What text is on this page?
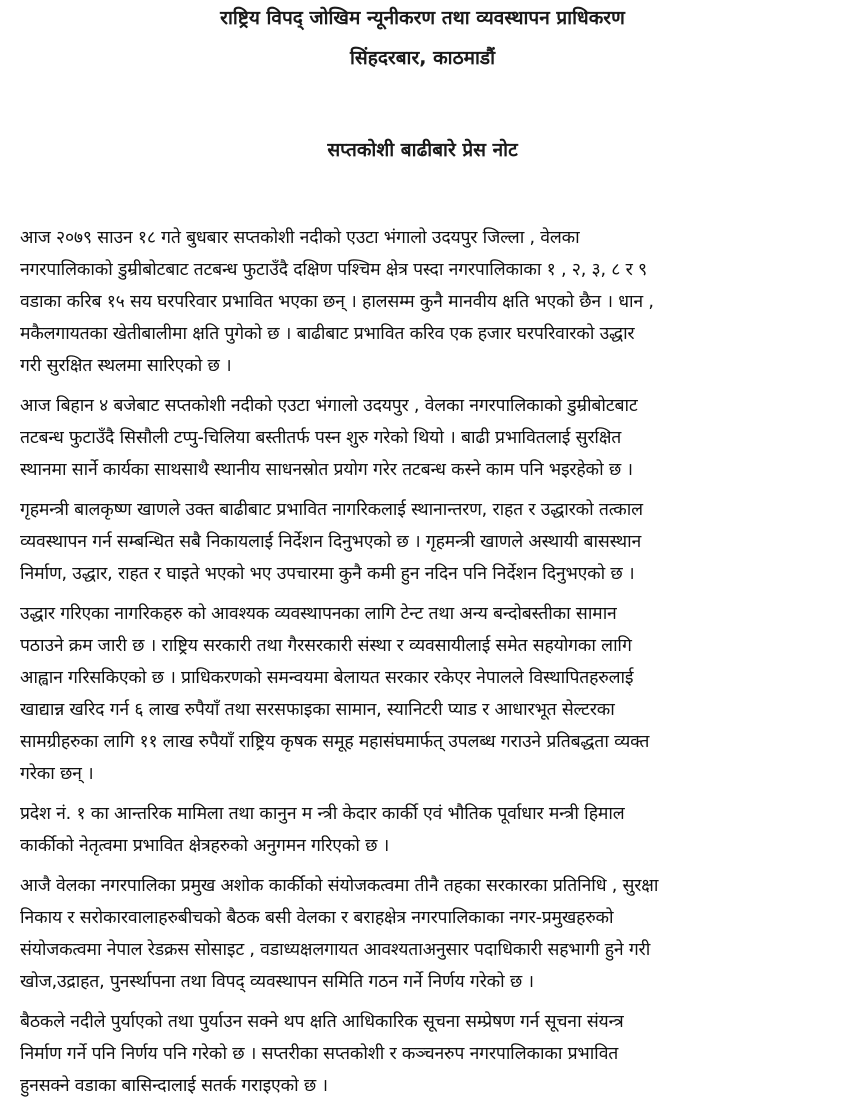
राष्ट्रिय विपद् जोखिम न्यूनीकरण तथा व्यवस्थापन प्राधिकरण
सिंहदरबार, काठमाडौं
सप्तकोशी बाढीबारे प्रेस नोट
आज २०७९ साउन १८ गते बुधबार सप्तकोशी नदीको एउटा भंगालो उदयपुर जिल्ला , वेलका
नगरपालिकाको डुम्रीबोटबाट तटबन्ध फुटाउँदै दक्षिण पश्चिम क्षेत्र पस्दा नगरपालिकाका १ , २, ३, ८ र ९
वडाका करिब १५ सय घरपरिवार प्रभावित भएका छन् । हालसम्म कुनै मानवीय क्षति भएको छैन । धान ,
मकैलगायतका खेतीबालीमा क्षति पुगेको छ । बाढीबाट प्रभावित करिव एक हजार घरपरिवारको उद्धार
गरी सुरक्षित स्थलमा सारिएको छ ।
आज बिहान ४ बजेबाट सप्तकोशी नदीको एउटा भंगालो उदयपुर , वेलका नगरपालिकाको डुम्रीबोटबाट
तटबन्ध फुटाउँदै सिसौली टप्पु-चिलिया बस्तीतर्फ पस्न शुरु गरेको थियो । बाढी प्रभावितलाई सुरक्षित
स्थानमा सार्ने कार्यका साथसाथै स्थानीय साधनस्रोत प्रयोग गरेर तटबन्ध कस्ने काम पनि भइरहेको छ ।
गृहमन्त्री बालकृष्ण खाणले उक्त बाढीबाट प्रभावित नागरिकलाई स्थानान्तरण, राहत र उद्धारको तत्काल
व्यवस्थापन गर्न सम्बन्धित सबै निकायलाई निर्देशन दिनुभएको छ । गृहमन्त्री खाणले अस्थायी बासस्थान
निर्माण, उद्धार, राहत र घाइते भएको भए उपचारमा कुनै कमी हुन नदिन पनि निर्देशन दिनुभएको छ ।
उद्धार गरिएका नागरिकहरु को आवश्यक व्यवस्थापनका लागि टेन्ट तथा अन्य बन्दोबस्तीका सामान
पठाउने क्रम जारी छ । राष्ट्रिय सरकारी तथा गैरसरकारी संस्था र व्यवसायीलाई समेत सहयोगका लागि
आह्वान गरिसकिएको छ । प्राधिकरणको समन्वयमा बेलायत सरकार रकेएर नेपालले विस्थापितहरुलाई
खाद्यान्न खरिद गर्न ६ लाख रुपैयाँ तथा सरसफाइका सामान, स्यानिटरी प्याड र आधारभूत सेल्टरका
सामग्रीहरुका लागि ११ लाख रुपैयाँ राष्ट्रिय कृषक समूह महासंघमार्फत् उपलब्ध गराउने प्रतिबद्धता व्यक्त
गरेका छन् ।
प्रदेश नं. १ का आन्तरिक मामिला तथा कानुन म न्त्री केदार कार्की एवं भौतिक पूर्वाधार मन्त्री हिमाल
कार्कीको नेतृत्वमा प्रभावित क्षेत्रहरुको अनुगमन गरिएको छ ।
आजै वेलका नगरपालिका प्रमुख अशोक कार्कीको संयोजकत्वमा तीनै तहका सरकारका प्रतिनिधि , सुरक्षा
निकाय र सरोकारवालाहरुबीचको बैठक बसी वेलका र बराहक्षेत्र नगरपालिकाका नगर-प्रमुखहरुको
संयोजकत्वमा नेपाल रेडक्रस सोसाइट , वडाध्यक्षलगायत आवश्यताअनुसार पदाधिकारी सहभागी हुने गरी
खोज,उद्राहत, पुनर्स्थापना तथा विपद् व्यवस्थापन समिति गठन गर्ने निर्णय गरेको छ ।
बैठकले नदीले पुर्याएको तथा पुर्याउन सक्ने थप क्षति आधिकारिक सूचना सम्प्रेषण गर्न सूचना संयन्त्र
निर्माण गर्ने पनि निर्णय पनि गरेको छ । सप्तरीका सप्तकोशी र कञ्चनरुप नगरपालिकाका प्रभावित
हुनसक्ने वडाका बासिन्दालाई सतर्क गराइएको छ ।
